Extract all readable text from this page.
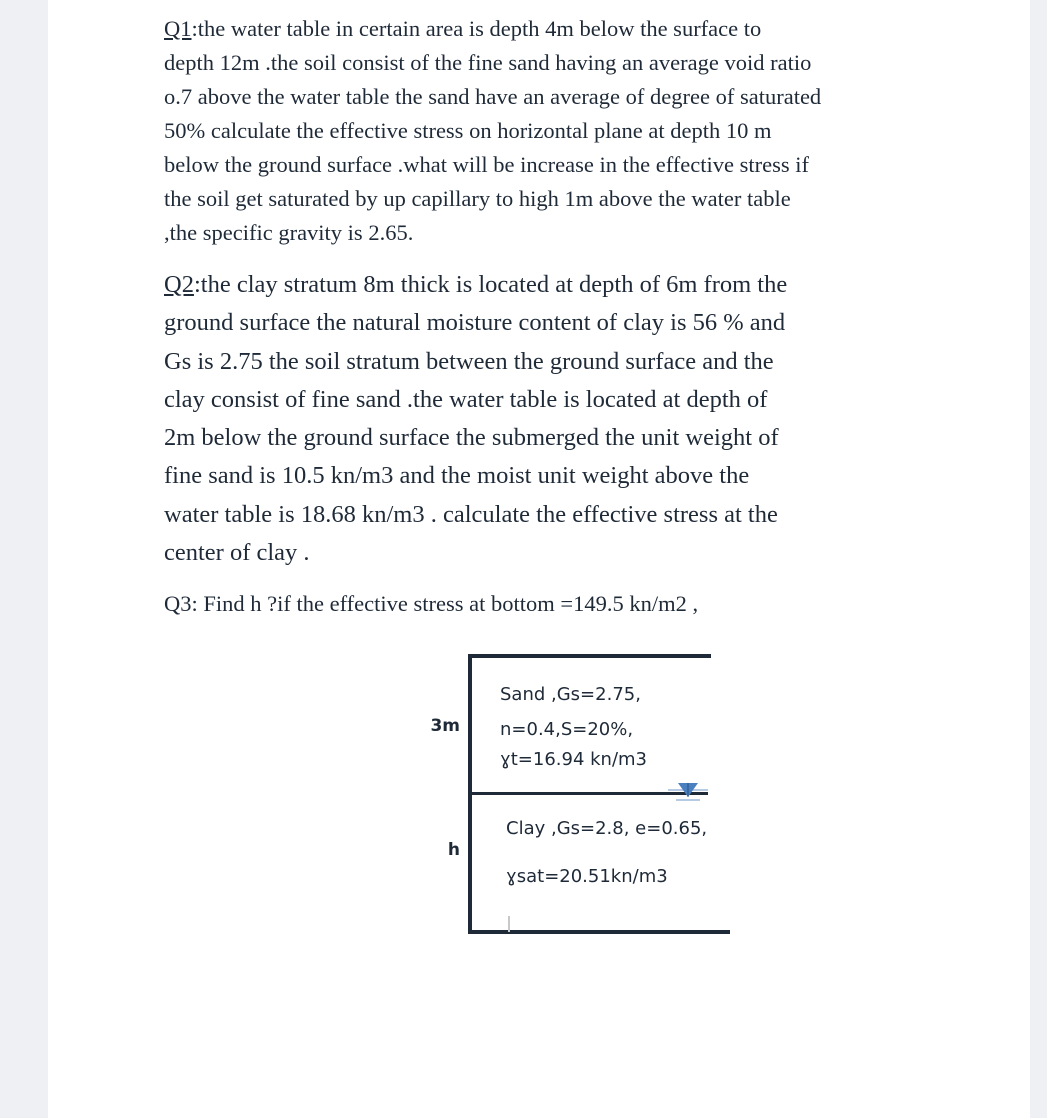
Q1:the water table in certain area is depth 4m below the surface to
depth 12m .the soil consist of the fine sand having an average void ratio
o.7 above the water table the sand have an average of degree of saturated
50% calculate the effective stress on horizontal plane at depth 10 m
below the ground surface .what will be increase in the effective stress if
the soil get saturated by up capillary to high 1m above the water table
,the specific gravity is 2.65.
Q2:the clay stratum 8m thick is located at depth of 6m from the
ground surface the natural moisture content of clay is 56 % and
Gs is 2.75 the soil stratum between the ground surface and the
clay consist of fine sand .the water table is located at depth of
2m below the ground surface the submerged the unit weight of
fine sand is 10.5 kn/m3 and the moist unit weight above the
water table is 18.68 kn/m3 . calculate the effective stress at the
center of clay .
Q3: Find h ?if the effective stress at bottom =149.5 kn/m2 ,
3m
h
Sand ,Gs=2.75,
n=0.4,S=20%,
ɣt=16.94 kn/m3
Clay ,Gs=2.8, e=0.65,
ɣsat=20.51kn/m3
